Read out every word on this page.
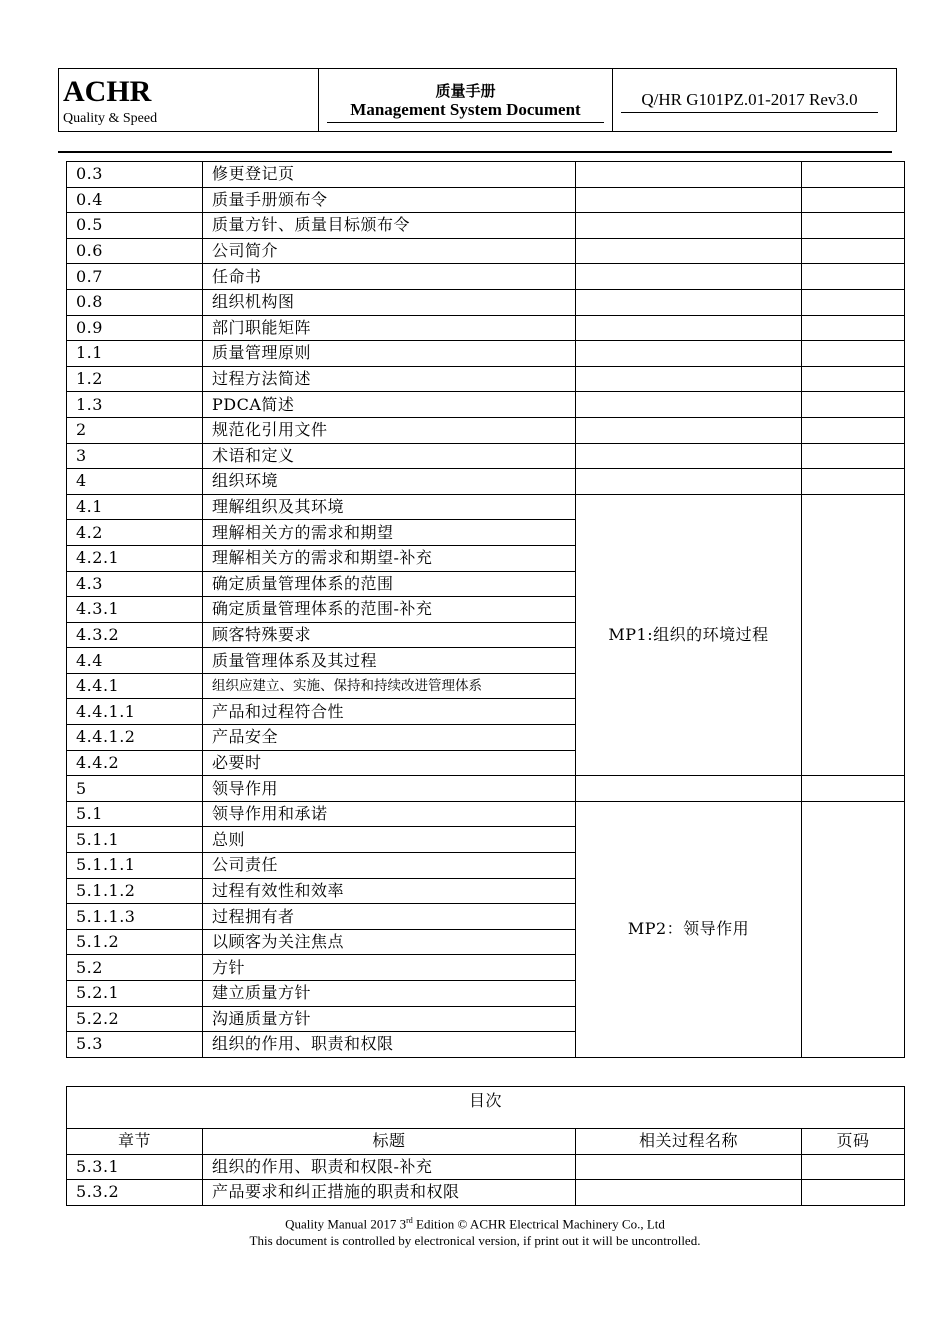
ACHR
Quality & Speed
质量手册
Management System Document
Q/HR G101PZ.01-2017 Rev3.0
0.3	修更登记页		
0.4	质量手册颁布令		
0.5	质量方针、质量目标颁布令		
0.6	公司简介		
0.7	任命书		
0.8	组织机构图		
0.9	部门职能矩阵		
1.1	质量管理原则		
1.2	过程方法简述		
1.3	PDCA简述		
2	规范化引用文件		
3	术语和定义		
4	组织环境		
4.1	理解组织及其环境	MP1:组织的环境过程	
4.2	理解相关方的需求和期望		
4.2.1	理解相关方的需求和期望-补充		
4.3	确定质量管理体系的范围		
4.3.1	确定质量管理体系的范围-补充		
4.3.2	顾客特殊要求		
4.4	质量管理体系及其过程		
4.4.1	组织应建立、实施、保持和持续改进管理体系		
4.4.1.1	产品和过程符合性		
4.4.1.2	产品安全		
4.4.2	必要时		
5	领导作用		
5.1	领导作用和承诺	MP2：领导作用	
5.1.1	总则		
5.1.1.1	公司责任		
5.1.1.2	过程有效性和效率		
5.1.1.3	过程拥有者		
5.1.2	以顾客为关注焦点		
5.2	方针		
5.2.1	建立质量方针		
5.2.2	沟通质量方针		
5.3	组织的作用、职责和权限		
目次			
章节	标题	相关过程名称	页码
5.3.1	组织的作用、职责和权限-补充		
5.3.2	产品要求和纠正措施的职责和权限		
Quality Manual 2017 3rd Edition © ACHR Electrical Machinery Co., Ltd
This document is controlled by electronical version, if print out it will be uncontrolled.
